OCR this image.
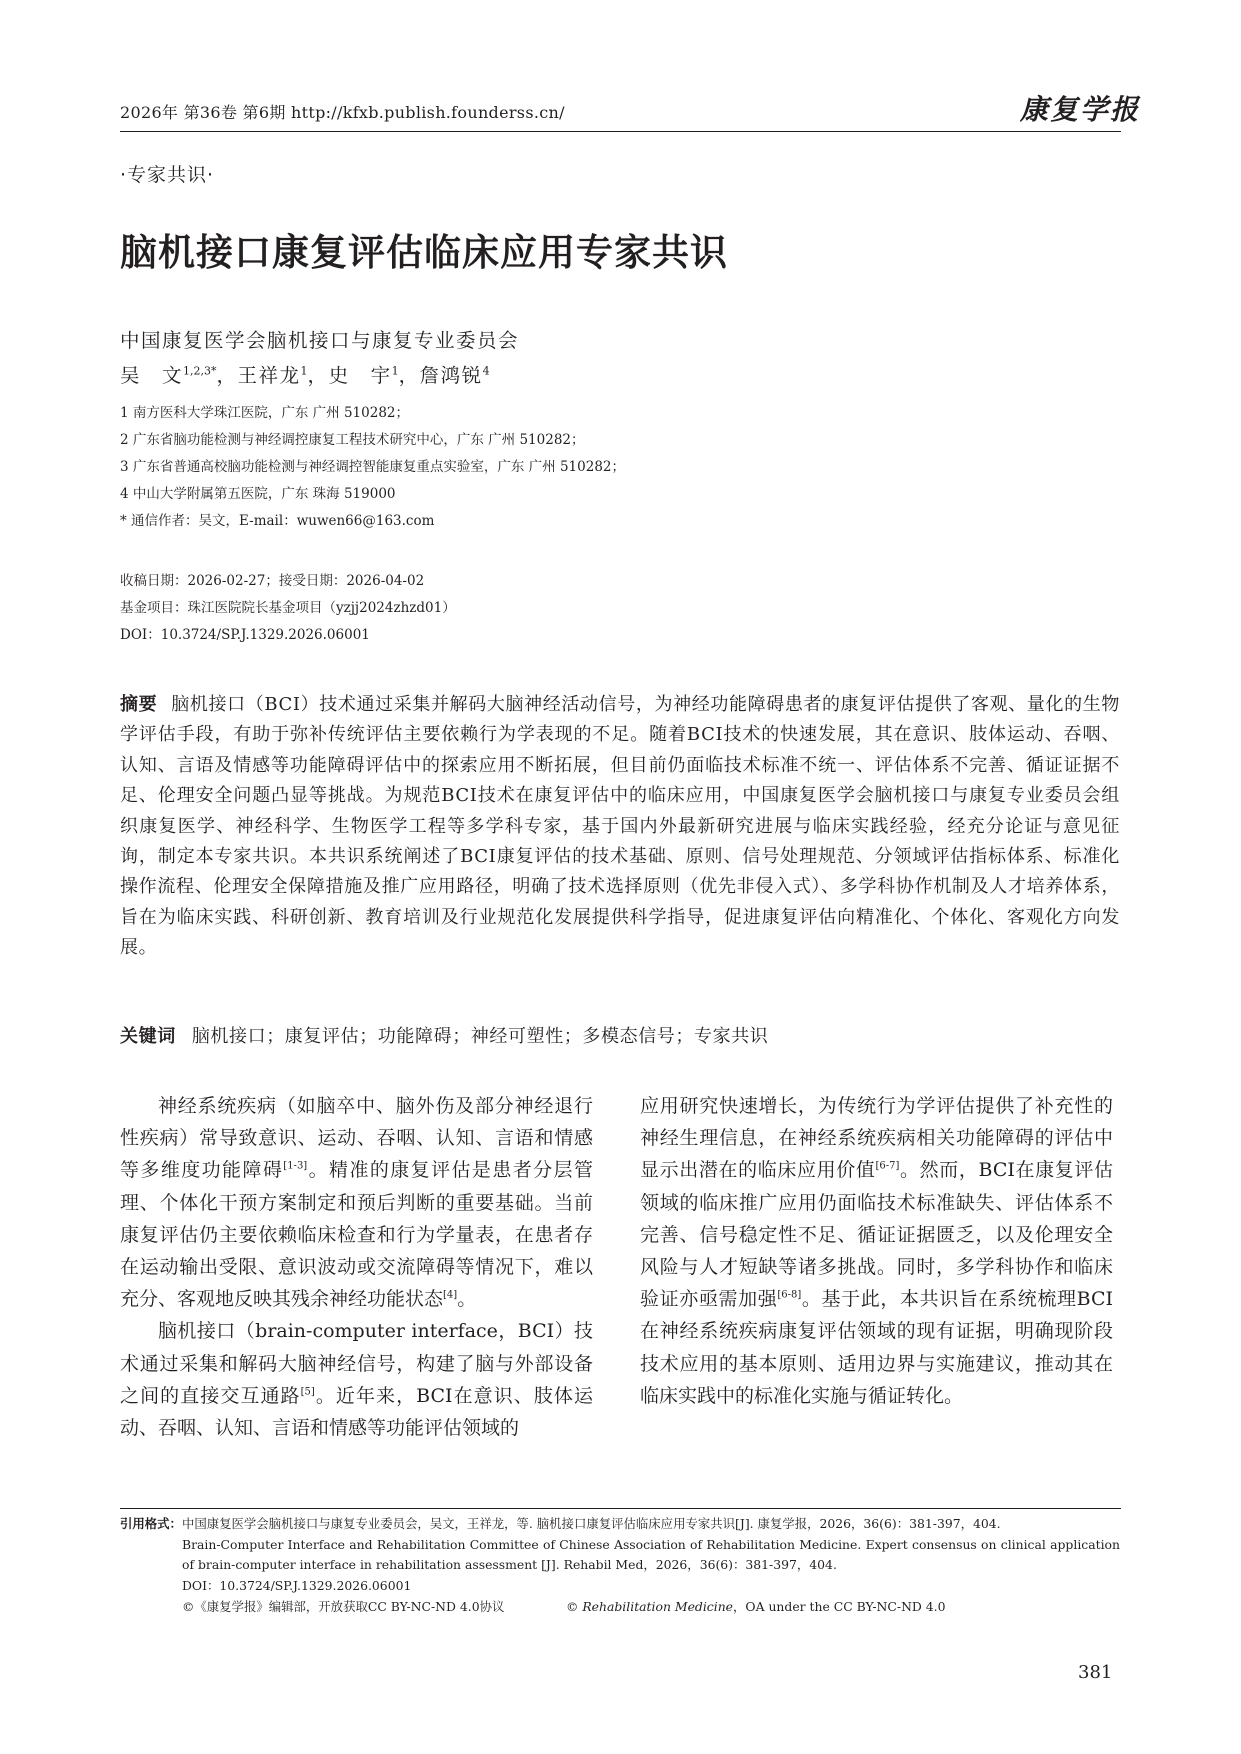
2026年 第36卷 第6期 http://kfxb.publish.founderss.cn/	康复学报
·专家共识·
脑机接口康复评估临床应用专家共识
中国康复医学会脑机接口与康复专业委员会
吴　文$^{1,2,3*}$，王祥龙$^1$，史　宇$^1$，詹鸿锐$^4$
1 南方医科大学珠江医院，广东 广州 510282；
2 广东省脑功能检测与神经调控康复工程技术研究中心，广东 广州 510282；
3 广东省普通高校脑功能检测与神经调控智能康复重点实验室，广东 广州 510282；
4 中山大学附属第五医院，广东 珠海 519000
* 通信作者：吴文，E-mail：wuwen66@163.com
收稿日期：2026-02-27；接受日期：2026-04-02
基金项目：珠江医院院长基金项目（yzjj2024zhzd01）
DOI：10.3724/SP.J.1329.2026.06001
摘要 脑机接口（BCI）技术通过采集并解码大脑神经活动信号，为神经功能障碍患者的康复评估提供了客观、量化的生物学评估手段，有助于弥补传统评估主要依赖行为学表现的不足。随着BCI技术的快速发展，其在意识、肢体运动、吞咽、认知、言语及情感等功能障碍评估中的探索应用不断拓展，但目前仍面临技术标准不统一、评估体系不完善、循证证据不足、伦理安全问题凸显等挑战。为规范BCI技术在康复评估中的临床应用，中国康复医学会脑机接口与康复专业委员会组织康复医学、神经科学、生物医学工程等多学科专家，基于国内外最新研究进展与临床实践经验，经充分论证与意见征询，制定本专家共识。本共识系统阐述了BCI康复评估的技术基础、原则、信号处理规范、分领域评估指标体系、标准化操作流程、伦理安全保障措施及推广应用路径，明确了技术选择原则（优先非侵入式）、多学科协作机制及人才培养体系，旨在为临床实践、科研创新、教育培训及行业规范化发展提供科学指导，促进康复评估向精准化、个体化、客观化方向发展。
关键词 脑机接口；康复评估；功能障碍；神经可塑性；多模态信号；专家共识

神经系统疾病（如脑卒中、脑外伤及部分神经退行性疾病）常导致意识、运动、吞咽、认知、言语和情感等多维度功能障碍[1-3]。精准的康复评估是患者分层管理、个体化干预方案制定和预后判断的重要基础。当前康复评估仍主要依赖临床检查和行为学量表，在患者存在运动输出受限、意识波动或交流障碍等情况下，难以充分、客观地反映其残余神经功能状态[4]。

脑机接口（brain-computer interface，BCI）技术通过采集和解码大脑神经信号，构建了脑与外部设备之间的直接交互通路[5]。近年来，BCI在意识、肢体运动、吞咽、认知、言语和情感等功能评估领域的

应用研究快速增长，为传统行为学评估提供了补充性的神经生理信息，在神经系统疾病相关功能障碍的评估中显示出潜在的临床应用价值[6-7]。然而，BCI在康复评估领域的临床推广应用仍面临技术标准缺失、评估体系不完善、信号稳定性不足、循证证据匮乏，以及伦理安全风险与人才短缺等诸多挑战。同时，多学科协作和临床验证亦亟需加强[6-8]。基于此，本共识旨在系统梳理BCI在神经系统疾病康复评估领域的现有证据，明确现阶段技术应用的基本原则、适用边界与实施建议，推动其在临床实践中的标准化实施与循证转化。

引用格式：中国康复医学会脑机接口与康复专业委员会，吴文，王祥龙，等. 脑机接口康复评估临床应用专家共识[J]. 康复学报，2026，36(6)：381-397，404.
Brain-Computer Interface and Rehabilitation Committee of Chinese Association of Rehabilitation Medicine. Expert consensus on clinical application of brain-computer interface in rehabilitation assessment [J]. Rehabil Med，2026，36(6)：381-397，404.
DOI：10.3724/SP.J.1329.2026.06001
©《康复学报》编辑部，开放获取CC BY-NC-ND 4.0协议	© Rehabilitation Medicine，OA under the CC BY-NC-ND 4.0
381
